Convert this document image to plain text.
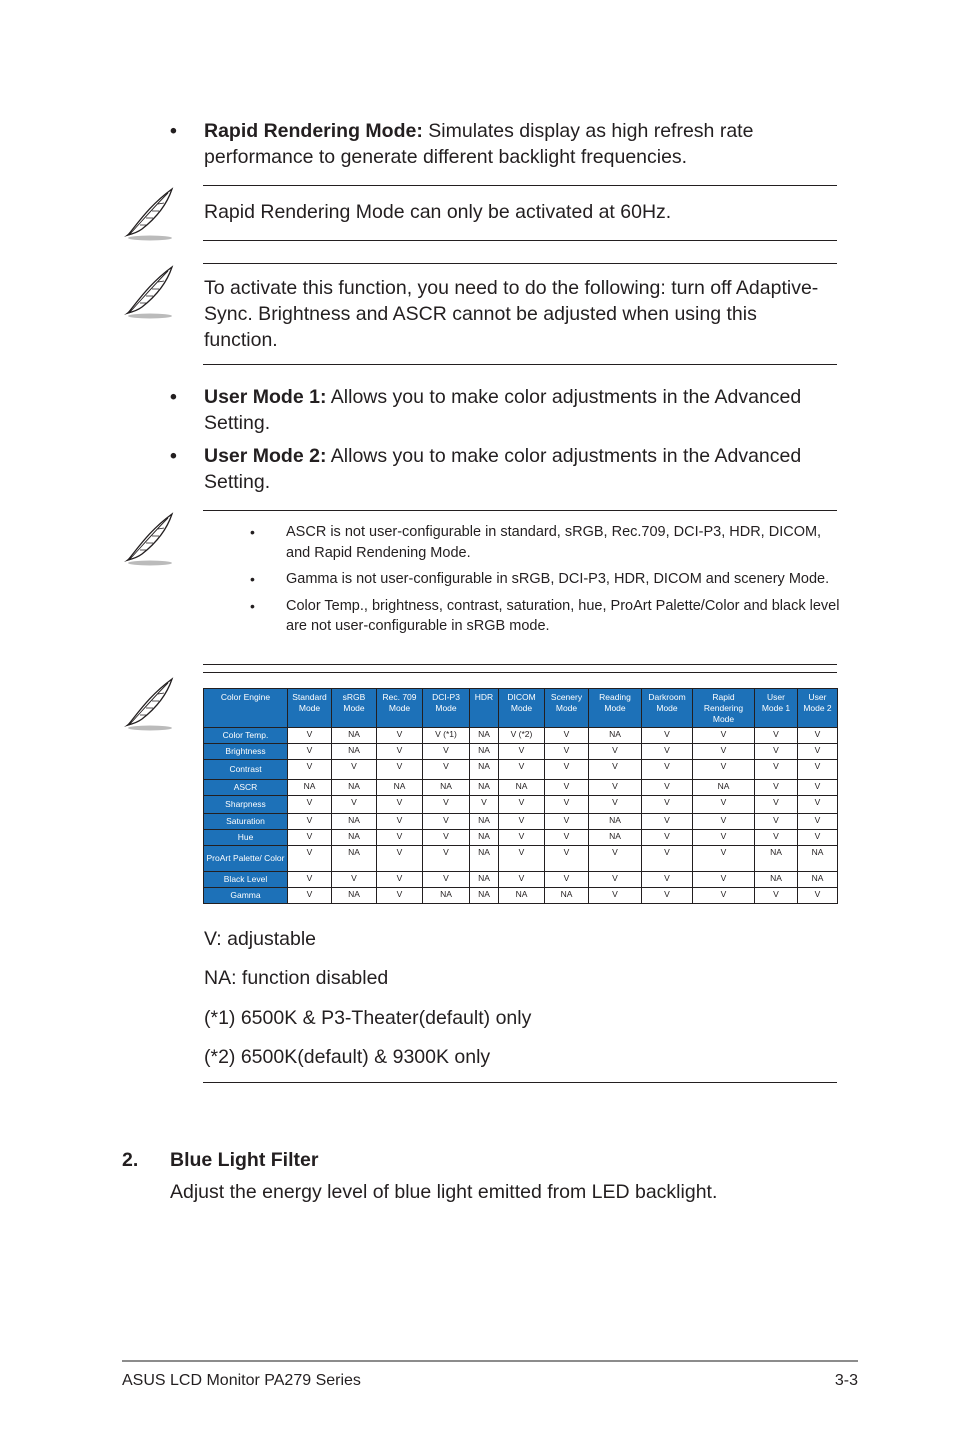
• Rapid Rendering Mode: Simulates display as high refresh rate performance to generate different backlight frequencies.
Rapid Rendering Mode can only be activated at 60Hz.
To activate this function, you need to do the following: turn off Adaptive-Sync. Brightness and ASCR cannot be adjusted when using this function.
• User Mode 1: Allows you to make color adjustments in the Advanced Setting.
• User Mode 2: Allows you to make color adjustments in the Advanced Setting.
• ASCR is not user-configurable in standard, sRGB, Rec.709, DCI-P3, HDR, DICOM, and Rapid Rendening Mode.
• Gamma is not user-configurable in sRGB, DCI-P3, HDR, DICOM and scenery Mode.
• Color Temp., brightness, contrast, saturation, hue, ProArt Palette/Color and black level are not user-configurable in sRGB mode.
Color Engine	Standard Mode	sRGB Mode	Rec. 709 Mode	DCI-P3 Mode	HDR	DICOM Mode	Scenery Mode	Reading Mode	Darkroom Mode	Rapid Rendering Mode	User Mode 1	User Mode 2
Color Temp.	V	NA	V	V (*1)	NA	V (*2)	V	NA	V	V	V	V
Brightness	V	NA	V	V	NA	V	V	V	V	V	V	V
Contrast	V	V	V	V	NA	V	V	V	V	V	V	V
ASCR	NA	NA	NA	NA	NA	NA	V	V	V	NA	V	V
Sharpness	V	V	V	V	V	V	V	V	V	V	V	V
Saturation	V	NA	V	V	NA	V	V	NA	V	V	V	V
Hue	V	NA	V	V	NA	V	V	NA	V	V	V	V
ProArt Palette/ Color	V	NA	V	V	NA	V	V	V	V	V	NA	NA
Black Level	V	V	V	V	NA	V	V	V	V	V	NA	NA
Gamma	V	NA	V	NA	NA	NA	NA	V	V	V	V	V
V: adjustable
NA: function disabled
(*1) 6500K & P3-Theater(default) only
(*2) 6500K(default) & 9300K only
2. Blue Light Filter
Adjust the energy level of blue light emitted from LED backlight.
ASUS LCD Monitor PA279 Series	3-3
